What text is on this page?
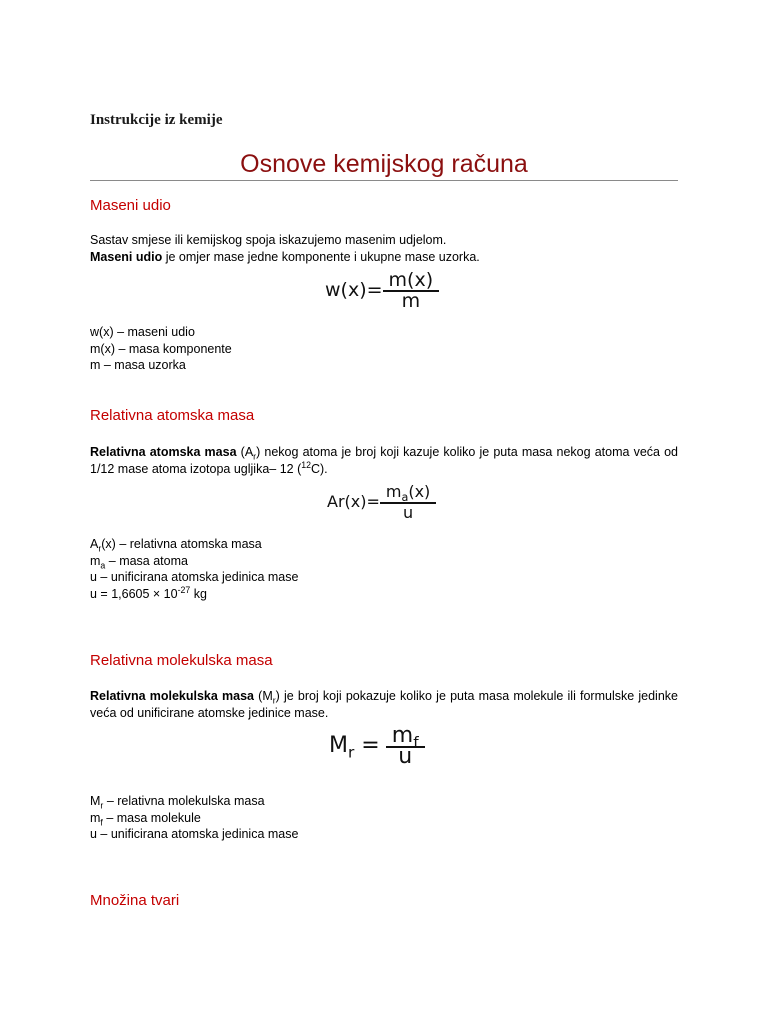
Instrukcije iz kemije
Osnove kemijskog računa
Maseni udio
Sastav smjese ili kemijskog spoja iskazujemo masenim udjelom.
Maseni udio je omjer mase jedne komponente i ukupne mase uzorka.
$w(x)= \frac{m(x)}{m}$
w(x) – maseni udio
m(x) – masa komponente
m – masa uzorka
Relativna atomska masa

Relativna atomska masa $(A_r)$ nekog atoma je broj koji kazuje koliko je puta masa nekog atoma veća od 1/12 mase atoma izotopa ugljika– 12 ($^{12}$C).

$Ar(x)= \frac{m_a(x)}{u}$
$A_r(x)$ – relativna atomska masa
$m_a$ – masa atoma
u – unificirana atomska jedinica mase
$u = 1,6605 \times 10^{-27}$ kg
Relativna molekulska masa

Relativna molekulska masa $(M_r)$ je broj koji pokazuje koliko je puta masa molekule ili formulske jedinke veća od unificirane atomske jedinice mase.

$M_r = \frac{m_f}{u}$
$M_r$ – relativna molekulska masa
$m_f$ – masa molekule
u – unificirana atomska jedinica mase
Množina tvari
